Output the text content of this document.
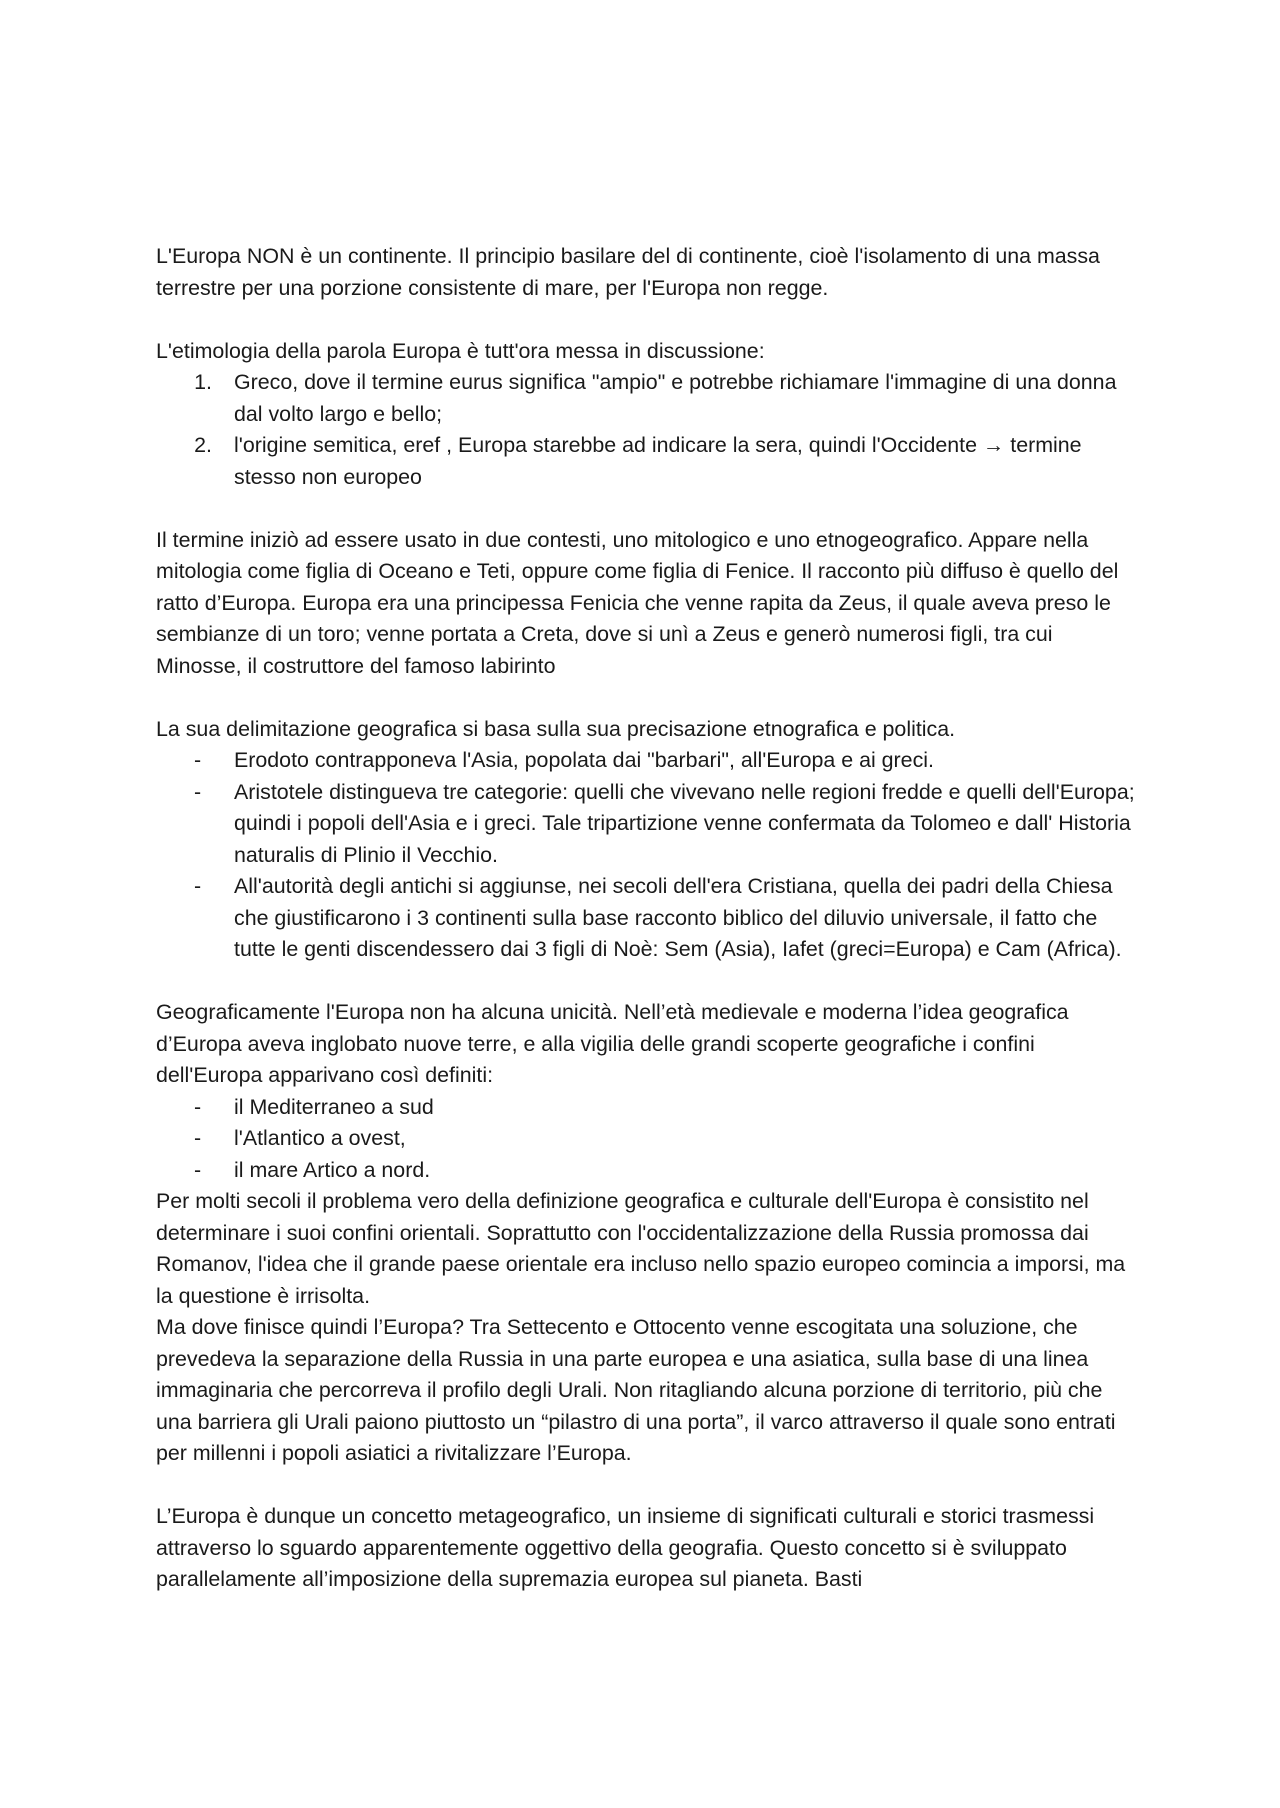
L'Europa NON è un continente. Il principio basilare del di continente, cioè l'isolamento di una massa terrestre per una porzione consistente di mare, per l'Europa non regge.

L'etimologia della parola Europa è tutt'ora messa in discussione:

1. Greco, dove il termine eurus significa "ampio" e potrebbe richiamare l'immagine di una donna dal volto largo e bello;
2. l'origine semitica, eref , Europa starebbe ad indicare la sera, quindi l'Occidente → termine stesso non europeo

Il termine iniziò ad essere usato in due contesti, uno mitologico e uno etnogeografico. Appare nella mitologia come figlia di Oceano e Teti, oppure come figlia di Fenice. Il racconto più diffuso è quello del ratto d’Europa. Europa era una principessa Fenicia che venne rapita da Zeus, il quale aveva preso le sembianze di un toro; venne portata a Creta, dove si unì a Zeus e generò numerosi figli, tra cui Minosse, il costruttore del famoso labirinto

La sua delimitazione geografica si basa sulla sua precisazione etnografica e politica.

- Erodoto contrapponeva l'Asia, popolata dai "barbari", all'Europa e ai greci.
- Aristotele distingueva tre categorie: quelli che vivevano nelle regioni fredde e quelli dell'Europa; quindi i popoli dell'Asia e i greci. Tale tripartizione venne confermata da Tolomeo e dall' Historia naturalis di Plinio il Vecchio.
- All'autorità degli antichi si aggiunse, nei secoli dell'era Cristiana, quella dei padri della Chiesa che giustificarono i 3 continenti sulla base racconto biblico del diluvio universale, il fatto che tutte le genti discendessero dai 3 figli di Noè: Sem (Asia), Iafet (greci=Europa) e Cam (Africa).

Geograficamente l'Europa non ha alcuna unicità. Nell’età medievale e moderna l’idea geografica d’Europa aveva inglobato nuove terre, e alla vigilia delle grandi scoperte geografiche i confini dell'Europa apparivano così definiti:

- il Mediterraneo a sud
- l'Atlantico a ovest,
- il mare Artico a nord.

Per molti secoli il problema vero della definizione geografica e culturale dell'Europa è consistito nel determinare i suoi confini orientali. Soprattutto con l'occidentalizzazione della Russia promossa dai Romanov, l'idea che il grande paese orientale era incluso nello spazio europeo comincia a imporsi, ma la questione è irrisolta.

Ma dove finisce quindi l’Europa? Tra Settecento e Ottocento venne escogitata una soluzione, che prevedeva la separazione della Russia in una parte europea e una asiatica, sulla base di una linea immaginaria che percorreva il profilo degli Urali. Non ritagliando alcuna porzione di territorio, più che una barriera gli Urali paiono piuttosto un “pilastro di una porta”, il varco attraverso il quale sono entrati per millenni i popoli asiatici a rivitalizzare l’Europa.

L’Europa è dunque un concetto metageografico, un insieme di significati culturali e storici trasmessi attraverso lo sguardo apparentemente oggettivo della geografia. Questo concetto si è sviluppato parallelamente all’imposizione della supremazia europea sul pianeta. Basti
